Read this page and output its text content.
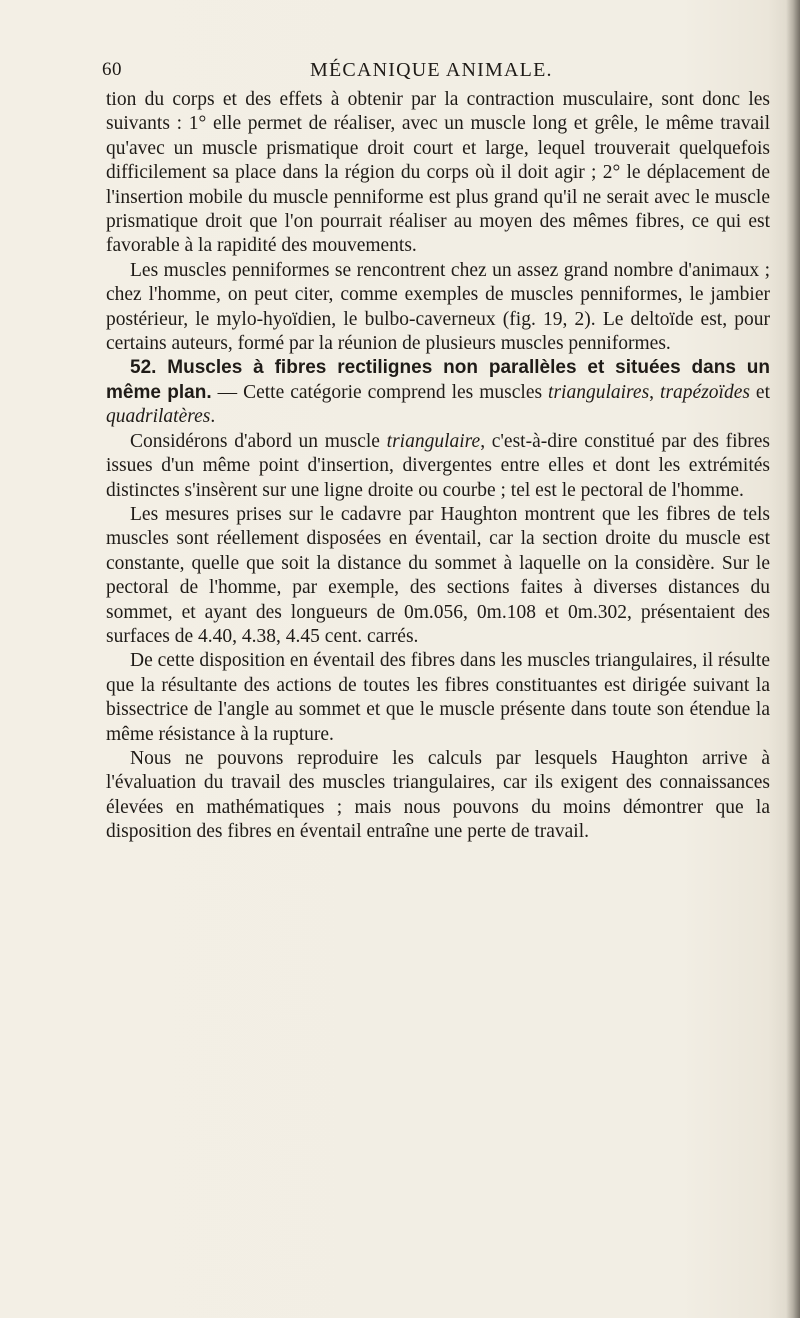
60	MÉCANIQUE ANIMALE.

tion du corps et des effets à obtenir par la contraction musculaire, sont donc les suivants : 1° elle permet de réaliser, avec un muscle long et grêle, le même travail qu'avec un muscle prismatique droit court et large, lequel trouverait quelquefois difficilement sa place dans la région du corps où il doit agir ; 2° le déplacement de l'insertion mobile du muscle penniforme est plus grand qu'il ne serait avec le muscle prismatique droit que l'on pourrait réaliser au moyen des mêmes fibres, ce qui est favorable à la rapidité des mouvements.

Les muscles penniformes se rencontrent chez un assez grand nombre d'animaux ; chez l'homme, on peut citer, comme exemples de muscles penniformes, le jambier postérieur, le mylo-hyoïdien, le bulbo-caverneux (fig. 19, 2). Le deltoïde est, pour certains auteurs, formé par la réunion de plusieurs muscles penniformes.

52. Muscles à fibres rectilignes non parallèles et situées dans un même plan. — Cette catégorie comprend les muscles triangulaires, trapézoïdes et quadrilatères.

Considérons d'abord un muscle triangulaire, c'est-à-dire constitué par des fibres issues d'un même point d'insertion, divergentes entre elles et dont les extrémités distinctes s'insèrent sur une ligne droite ou courbe ; tel est le pectoral de l'homme.

Les mesures prises sur le cadavre par Haughton montrent que les fibres de tels muscles sont réellement disposées en éventail, car la section droite du muscle est constante, quelle que soit la distance du sommet à laquelle on la considère. Sur le pectoral de l'homme, par exemple, des sections faites à diverses distances du sommet, et ayant des longueurs de 0m.056, 0m.108 et 0m.302, présentaient des surfaces de 4.40, 4.38, 4.45 cent. carrés.

De cette disposition en éventail des fibres dans les muscles triangulaires, il résulte que la résultante des actions de toutes les fibres constituantes est dirigée suivant la bissectrice de l'angle au sommet et que le muscle présente dans toute son étendue la même résistance à la rupture.

Nous ne pouvons reproduire les calculs par lesquels Haughton arrive à l'évaluation du travail des muscles triangulaires, car ils exigent des connaissances élevées en mathématiques ; mais nous pouvons du moins démontrer que la disposition des fibres en éventail entraîne une perte de travail.
